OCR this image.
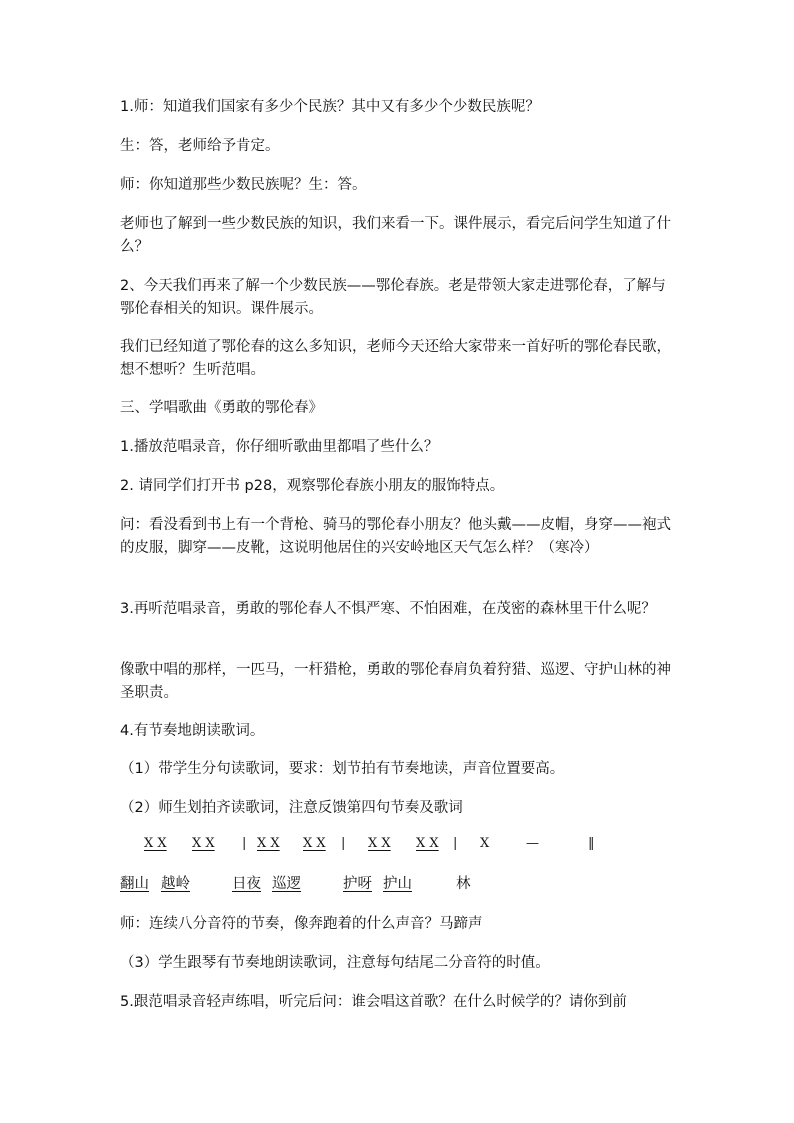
1.师：知道我们国家有多少个民族？其中又有多少个少数民族呢？

生：答，老师给予肯定。

师：你知道那些少数民族呢？生：答。

老师也了解到一些少数民族的知识，我们来看一下。课件展示，看完后问学生知道了什么？

2、今天我们再来了解一个少数民族——鄂伦春族。老是带领大家走进鄂伦春，了解与鄂伦春相关的知识。课件展示。

我们已经知道了鄂伦春的这么多知识，老师今天还给大家带来一首好听的鄂伦春民歌，想不想听？生听范唱。

三、学唱歌曲《勇敢的鄂伦春》

1.播放范唱录音，你仔细听歌曲里都唱了些什么？

2. 请同学们打开书 p28，观察鄂伦春族小朋友的服饰特点。

问：看没看到书上有一个背枪、骑马的鄂伦春小朋友？他头戴——皮帽，身穿——袍式的皮服，脚穿——皮靴，这说明他居住的兴安岭地区天气怎么样？（寒冷）

3.再听范唱录音，勇敢的鄂伦春人不惧严寒、不怕困难，在茂密的森林里干什么呢？

像歌中唱的那样，一匹马，一杆猎枪，勇敢的鄂伦春肩负着狩猎、巡逻、守护山林的神圣职责。

4.有节奏地朗读歌词。

（1）带学生分句读歌词，要求：划节拍有节奏地读，声音位置要高。

（2）师生划拍齐读歌词，注意反馈第四句节奏及歌词

X X X X | X X X X | X X X X | X	—	‖
翻山 越岭	日夜 巡逻	护呀 护山	林

师：连续八分音符的节奏，像奔跑着的什么声音？马蹄声

（3）学生跟琴有节奏地朗读歌词，注意每句结尾二分音符的时值。

5.跟范唱录音轻声练唱，听完后问：谁会唱这首歌？在什么时候学的？请你到前
